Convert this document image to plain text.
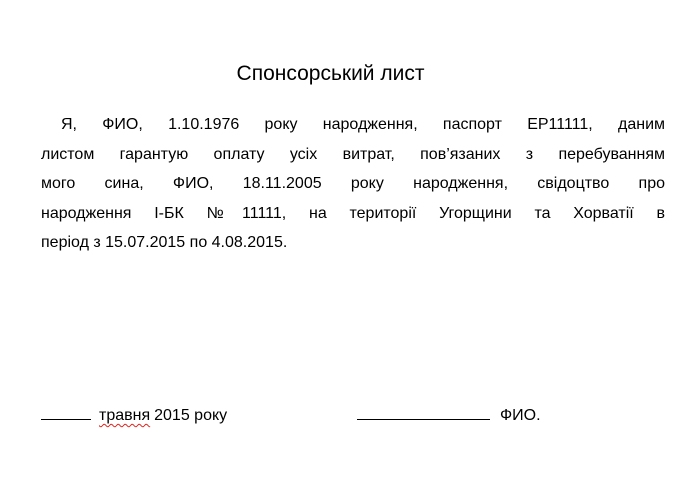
Спонсорський лист
Я, ФИО, 1.10.1976 року народження, паспорт ЕР11111, даним
листом гарантую оплату усіх витрат, пов’язаних з перебуванням
мого сина, ФИО, 18.11.2005 року народження, свідоцтво про
народження І-БК №11111, на території Угорщини та Хорватії в
період з 15.07.2015 по 4.08.2015.
травня 2015 року	ФИО.
